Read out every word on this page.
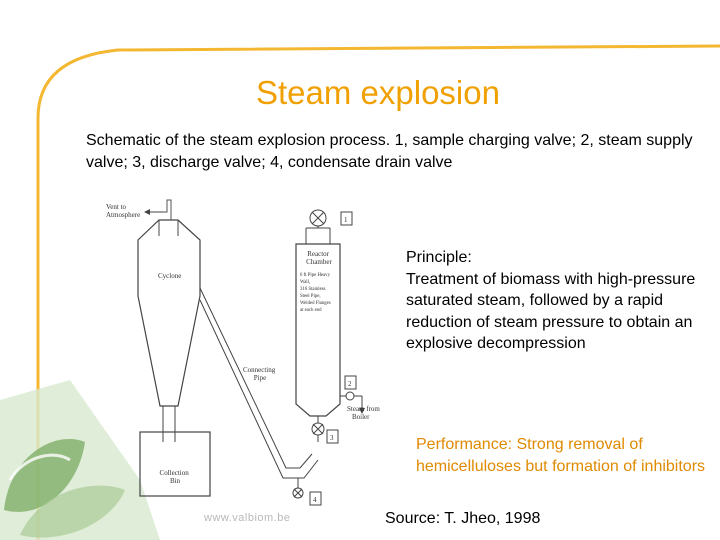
Steam explosion
Schematic of the steam explosion process. 1, sample charging valve; 2, steam supply valve; 3, discharge valve; 4, condensate drain valve
Vent to Atmosphere
Cyclone
Collection Bin
Connecting Pipe
1
Reactor Chamber
6 ft Pipe Heavy Wall, 316 Stainless Steel Pipe, Welded Flanges at each end
2
Steam from Boiler
3
4
Principle:
Treatment of biomass with high-pressure saturated steam, followed by a rapid reduction of steam pressure to obtain an explosive decompression
Performance: Strong removal of hemicelluloses but formation of inhibitors
www.valbiom.be	Source: T. Jheo, 1998
